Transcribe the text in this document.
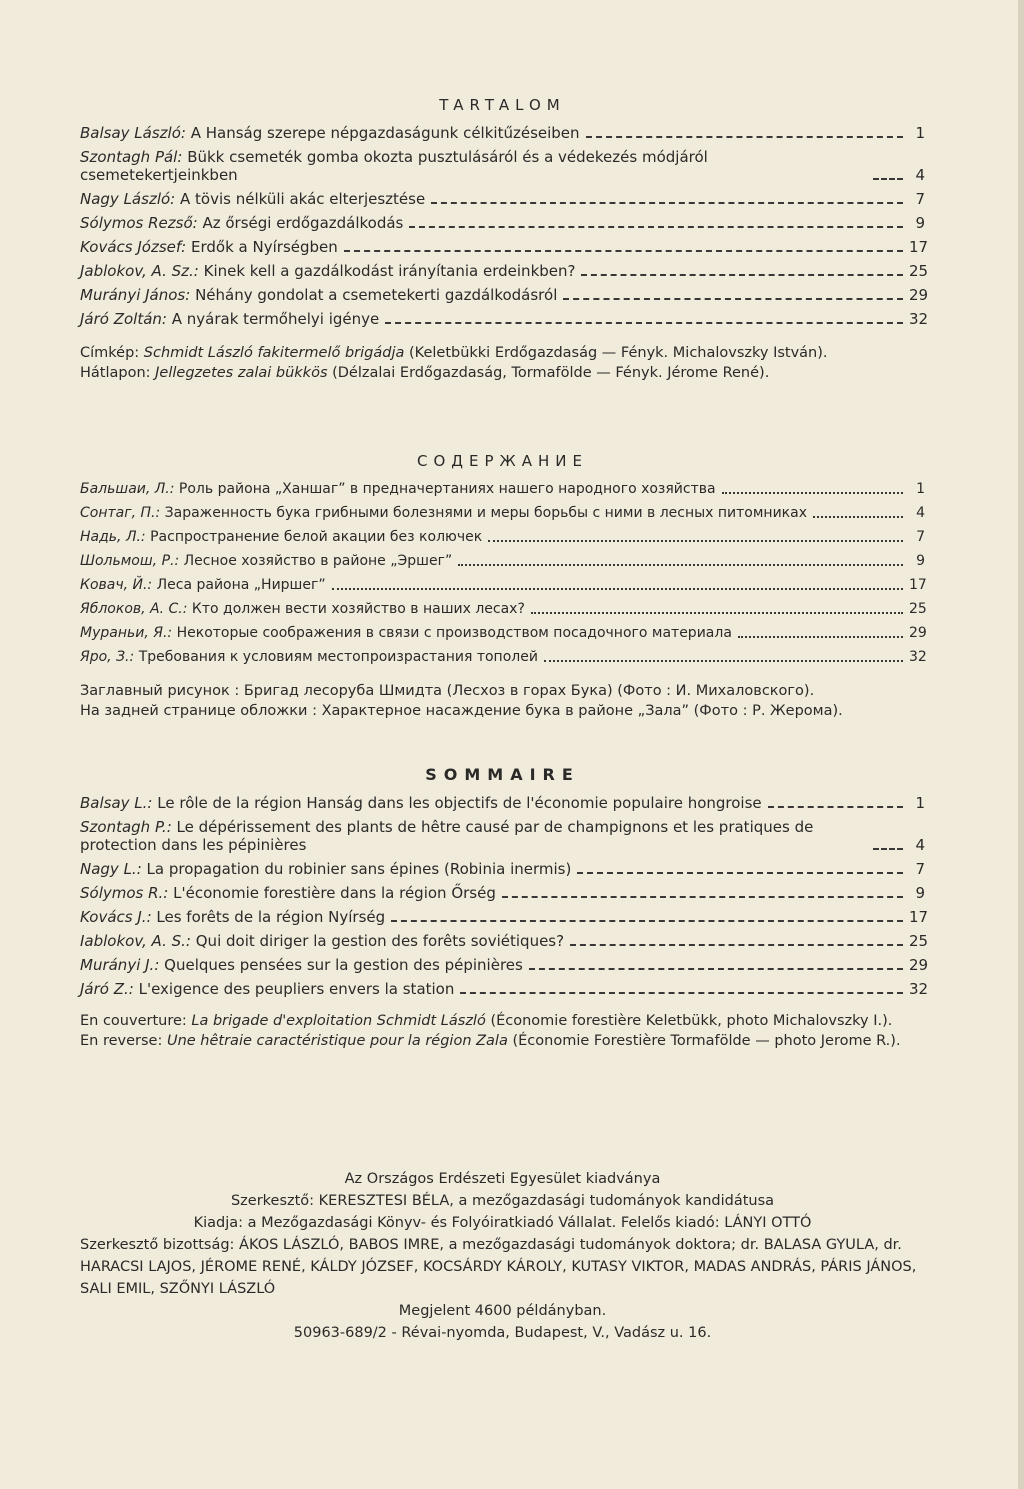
TARTALOM
Balsay László: A Hanság szerepe népgazdaságunk célkitűzéseiben	1
Szontagh Pál: Bükk csemeték gomba okozta pusztulásáról és a védekezés módjáról csemetekertjeinkben	4
Nagy László: A tövis nélküli akác elterjesztése	7
Sólymos Rezső: Az őrségi erdőgazdálkodás	9
Kovács József: Erdők a Nyírségben	17
Jablokov, A. Sz.: Kinek kell a gazdálkodást irányítania erdeinkben?	25
Murányi János: Néhány gondolat a csemetekerti gazdálkodásról	29
Járó Zoltán: A nyárak termőhelyi igénye	32

Címkép: Schmidt László fakitermelő brigádja (Keletbükki Erdőgazdaság — Fényk. Michalovszky István).

Hátlapon: Jellegzetes zalai bükkös (Délzalai Erdőgazdaság, Tormafölde — Fényk. Jérome René).

СОДЕРЖАНИЕ
Бальшаи, Л.: Роль района „Ханшаг” в предначертаниях нашего народного хозяйства	1
Сонтаг, П.: Зараженность бука грибными болезнями и меры борьбы с ними в лесных питомниках	4
Надь, Л.: Распространение белой акации без колючек	7
Шольмош, Р.: Лесное хозяйство в районе „Эршег”	9
Ковач, Й.: Леса района „Ниршег”	17
Яблоков, А. С.: Кто должен вести хозяйство в наших лесах?	25
Мураньи, Я.: Некоторые соображения в связи с производством посадочного материала	29
Яро, З.: Требования к условиям местопроизрастания тополей	32

Заглавный рисунок : Бригад лесоруба Шмидта (Лесхоз в горах Бука) (Фото : И. Михаловского).

На задней странице обложки : Характерное насаждение бука в районе „Зала” (Фото : Р. Жерома).

SOMMAIRE
Balsay L.: Le rôle de la région Hanság dans les objectifs de l'économie populaire hongroise	1
Szontagh P.: Le dépérissement des plants de hêtre causé par de champignons et les pratiques de protection dans les pépinières	4
Nagy L.: La propagation du robinier sans épines (Robinia inermis)	7
Sólymos R.: L'économie forestière dans la région Őrség	9
Kovács J.: Les forêts de la région Nyírség	17
Iablokov, A. S.: Qui doit diriger la gestion des forêts soviétiques?	25
Murányi J.: Quelques pensées sur la gestion des pépinières	29
Járó Z.: L'exigence des peupliers envers la station	32

En couverture: La brigade d'exploitation Schmidt László (Économie forestière Keletbükk, photo Michalovszky I.).

En reverse: Une hêtraie caractéristique pour la région Zala (Économie Forestière Tormafölde — photo Jerome R.).

Az Országos Erdészeti Egyesület kiadványa

Szerkesztő: KERESZTESI BÉLA, a mezőgazdasági tudományok kandidátusa

Kiadja: a Mezőgazdasági Könyv- és Folyóiratkiadó Vállalat. Felelős kiadó: LÁNYI OTTÓ

Szerkesztő bizottság: ÁKOS LÁSZLÓ, BABOS IMRE, a mezőgazdasági tudományok doktora; dr. BALASA GYULA, dr. HARACSI LAJOS, JÉROME RENÉ, KÁLDY JÓZSEF, KOCSÁRDY KÁROLY, KUTASY VIKTOR, MADAS ANDRÁS, PÁRIS JÁNOS, SALI EMIL, SZŐNYI LÁSZLÓ

Megjelent 4600 példányban.

50963-689/2 - Révai-nyomda, Budapest, V., Vadász u. 16.
